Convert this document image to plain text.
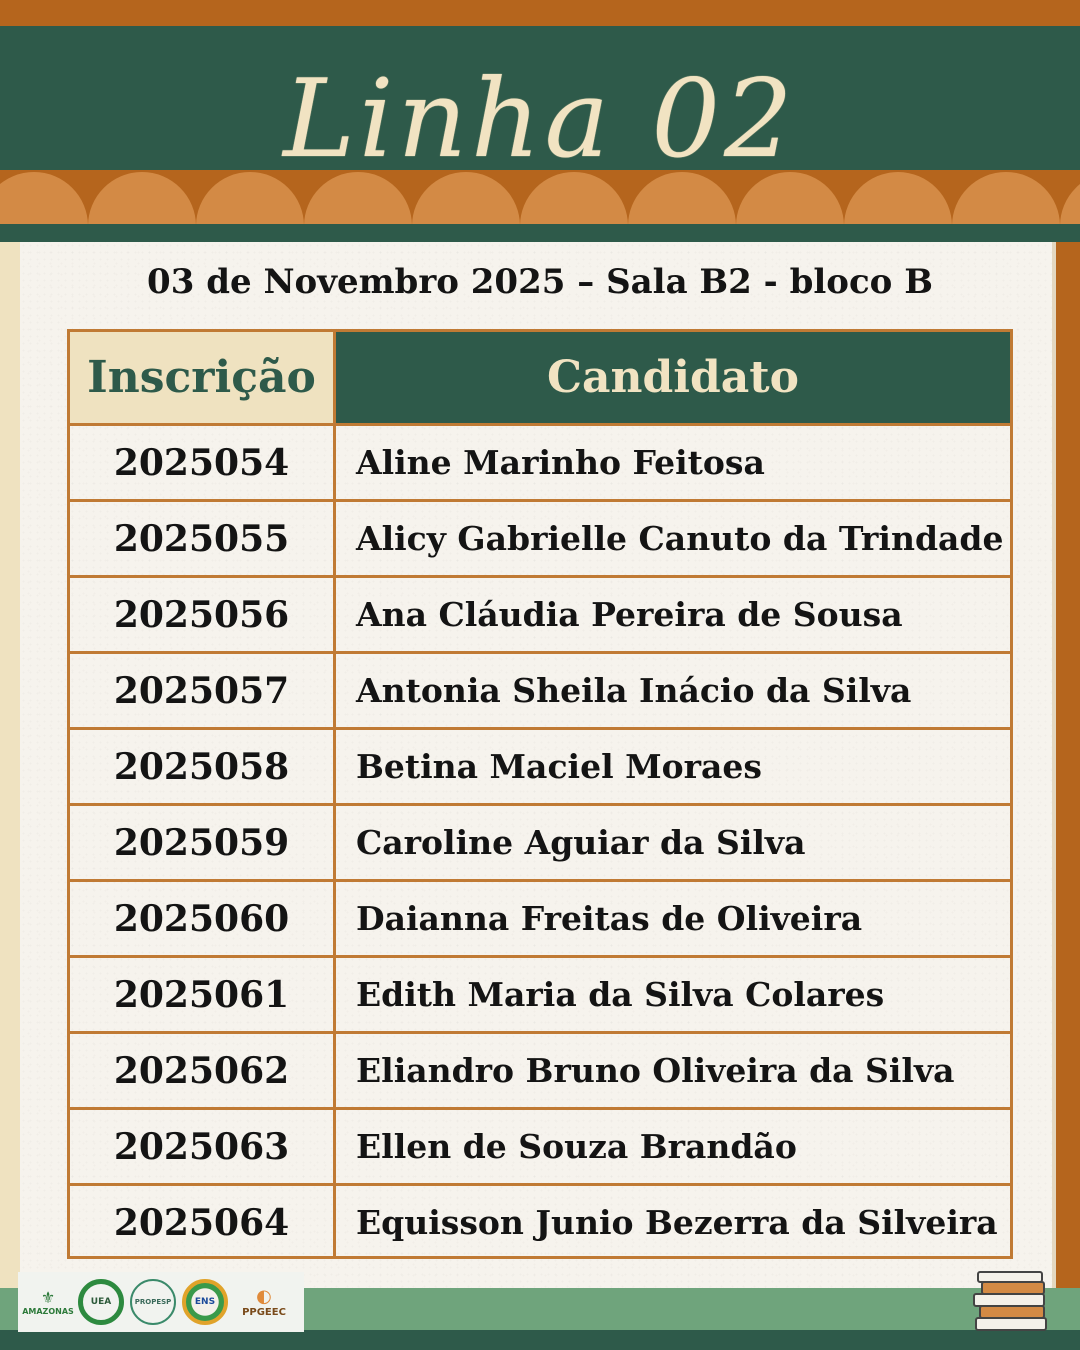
Linha 02
03 de Novembro 2025 – Sala B2 - bloco B
Inscrição	Candidato
2025054	Aline Marinho Feitosa
2025055	Alicy Gabrielle Canuto da Trindade
2025056	Ana Cláudia Pereira de Sousa
2025057	Antonia Sheila Inácio da Silva
2025058	Betina Maciel Moraes
2025059	Caroline Aguiar da Silva
2025060	Daianna Freitas de Oliveira
2025061	Edith Maria da Silva Colares
2025062	Eliandro Bruno Oliveira da Silva
2025063	Ellen de Souza Brandão
2025064	Equisson Junio Bezerra da Silveira
⚜
AMAZONAS
UEA	PROPESP	ENS ◐
PPGEEC
